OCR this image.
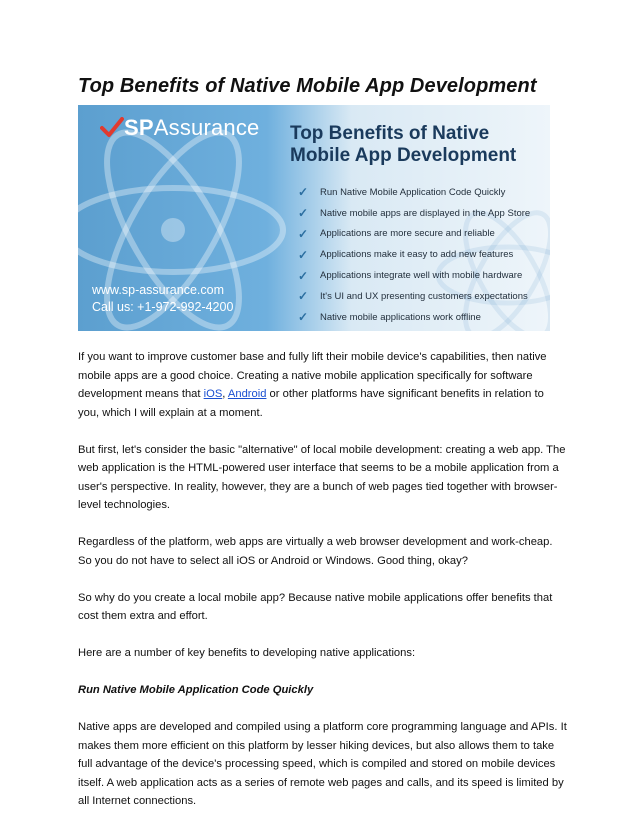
Top Benefits of Native Mobile App Development
SPAssurance Top Benefits of Native
Mobile App Development
✓	Run Native Mobile Application Code Quickly
✓	Native mobile apps are displayed in the App Store
✓	Applications are more secure and reliable
✓	Applications make it easy to add new features
✓	Applications integrate well with mobile hardware
✓	It's UI and UX presenting customers expectations
✓	Native mobile applications work offline
www.sp-assurance.com
Call us: +1-972-992-4200

If you want to improve customer base and fully lift their mobile device's capabilities, then native mobile apps are a good choice. Creating a native mobile application specifically for software development means that iOS, Android or other platforms have significant benefits in relation to you, which I will explain at a moment.

But first, let's consider the basic "alternative" of local mobile development: creating a web app. The web application is the HTML-powered user interface that seems to be a mobile application from a user's perspective. In reality, however, they are a bunch of web pages tied together with browser-level technologies.

Regardless of the platform, web apps are virtually a web browser development and work-cheap. So you do not have to select all iOS or Android or Windows. Good thing, okay?

So why do you create a local mobile app? Because native mobile applications offer benefits that cost them extra and effort.

Here are a number of key benefits to developing native applications:

Run Native Mobile Application Code Quickly

Native apps are developed and compiled using a platform core programming language and APIs. It makes them more efficient on this platform by lesser hiking devices, but also allows them to take full advantage of the device's processing speed, which is compiled and stored on mobile devices itself. A web application acts as a series of remote web pages and calls, and its speed is limited by all Internet connections.
